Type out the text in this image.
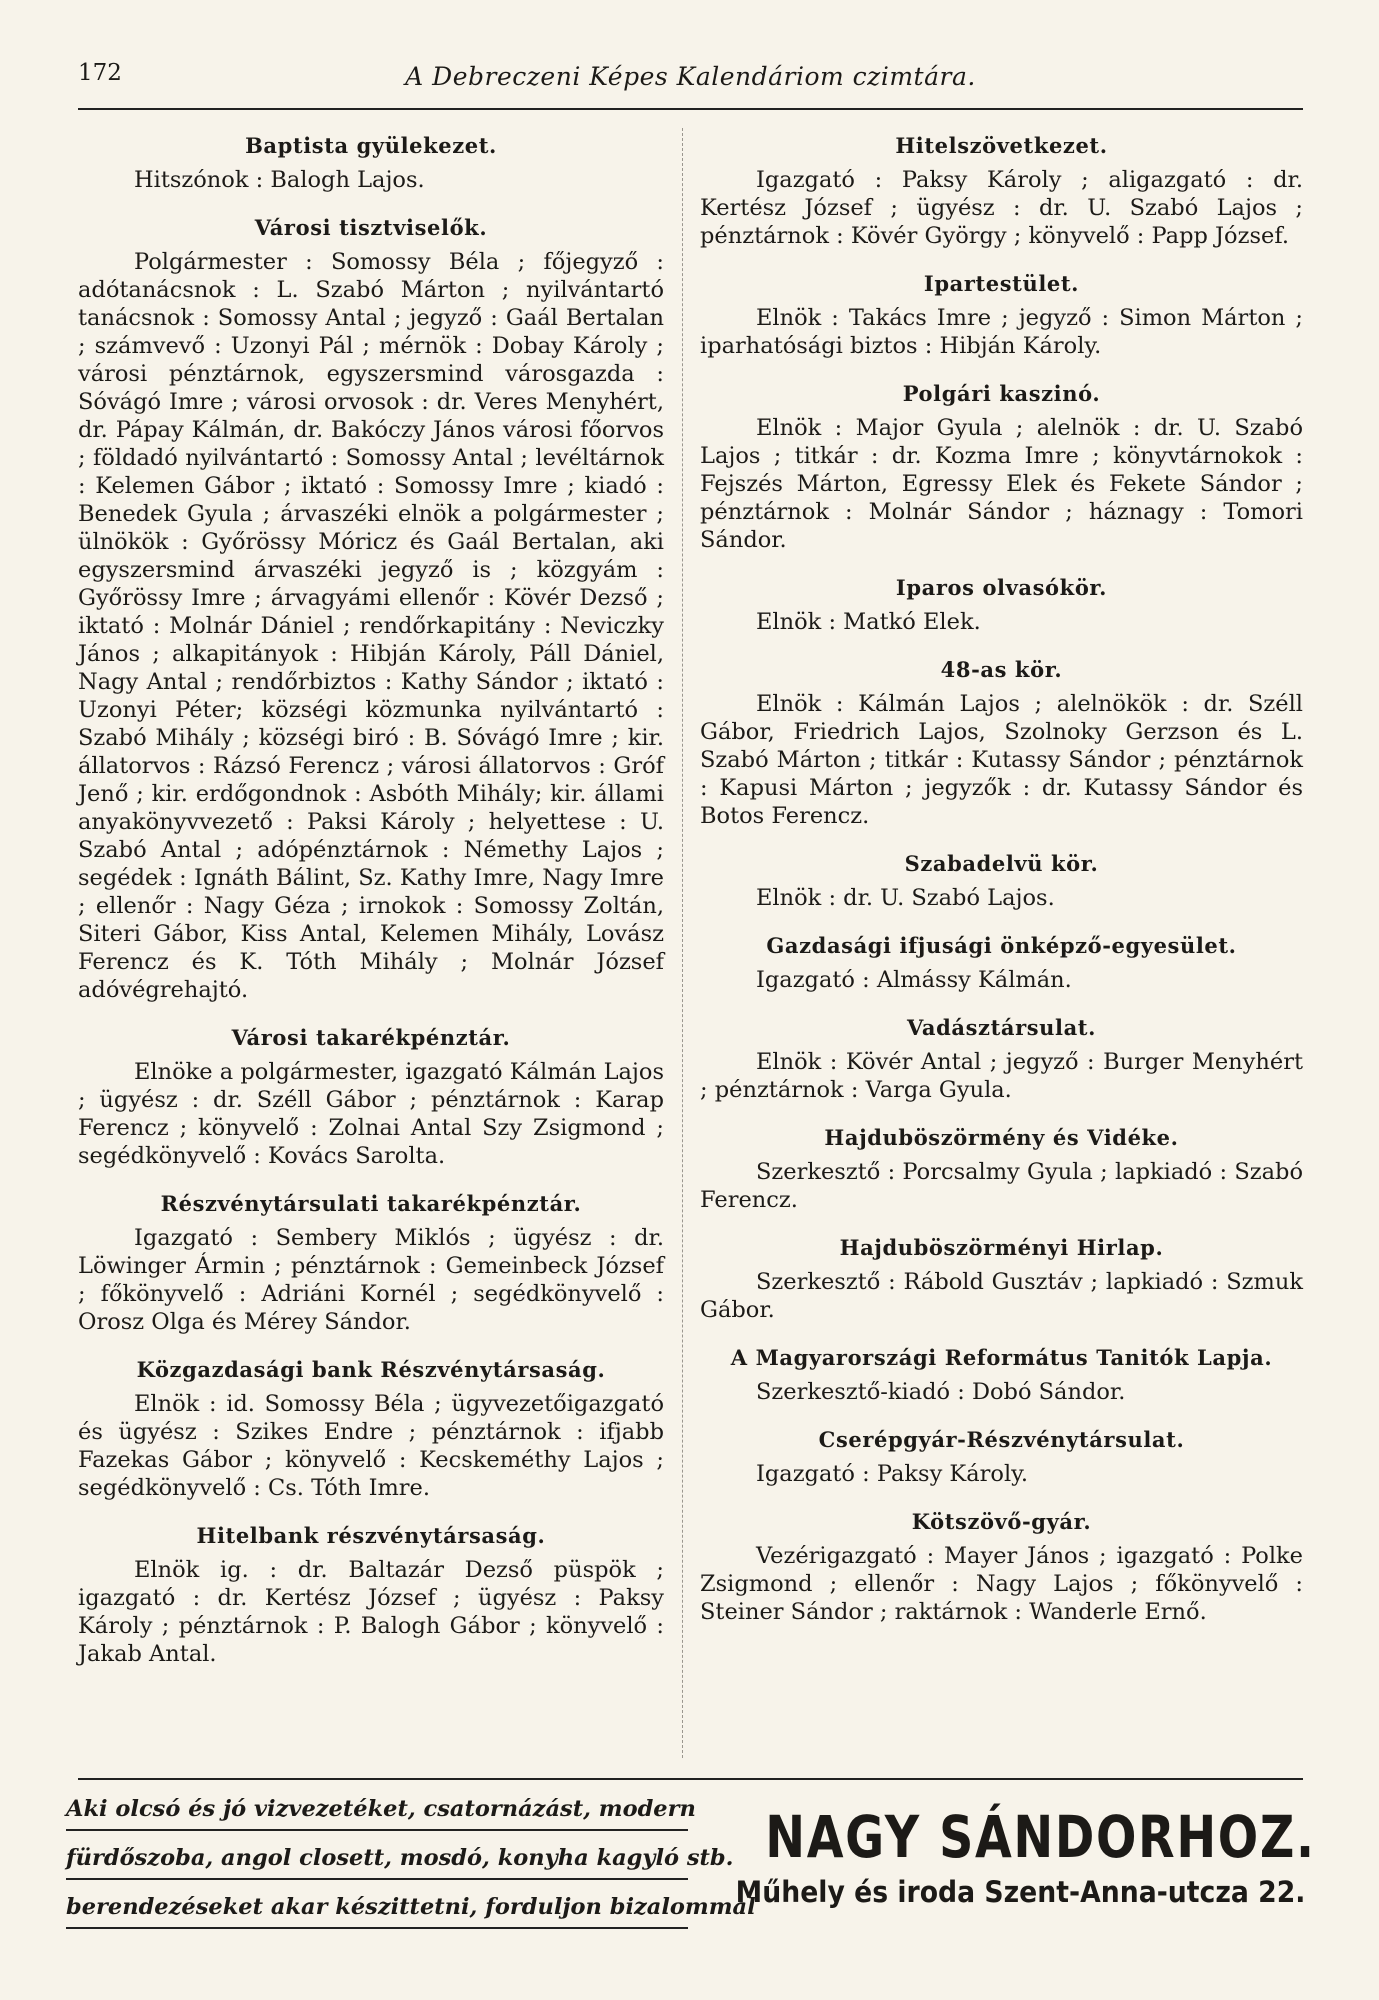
172	A Debreczeni Képes Kalendáriom czimtára.
Baptista gyülekezet.
Hitszónok : Balogh Lajos.
Városi tisztviselők.
Polgármester : Somossy Béla ; főjegyző : adótanácsnok : L. Szabó Márton ; nyilvántartó tanácsnok : Somossy Antal ; jegyző : Gaál Bertalan ; számvevő : Uzonyi Pál ; mérnök : Dobay Károly ; városi pénztárnok, egyszersmind városgazda : Sóvágó Imre ; városi orvosok : dr. Veres Menyhért, dr. Pápay Kálmán, dr. Bakóczy János városi főorvos ; földadó nyilvántartó : Somossy Antal ; levéltárnok : Kelemen Gábor ; iktató : Somossy Imre ; kiadó : Benedek Gyula ; árvaszéki elnök a polgármester ; ülnökök : Győrössy Móricz és Gaál Bertalan, aki egyszersmind árvaszéki jegyző is ; közgyám : Győrössy Imre ; árvagyámi ellenőr : Kövér Dezső ; iktató : Molnár Dániel ; rendőrkapitány : Neviczky János ; alkapitányok : Hibján Károly, Páll Dániel, Nagy Antal ; rendőrbiztos : Kathy Sándor ; iktató : Uzonyi Péter; községi közmunka nyilvántartó : Szabó Mihály ; községi biró : B. Sóvágó Imre ; kir. állatorvos : Rázsó Ferencz ; városi állatorvos : Gróf Jenő ; kir. erdőgondnok : Asbóth Mihály; kir. állami anyakönyvvezető : Paksi Károly ; helyettese : U. Szabó Antal ; adópénztárnok : Némethy Lajos ; segédek : Ignáth Bálint, Sz. Kathy Imre, Nagy Imre ; ellenőr : Nagy Géza ; irnokok : Somossy Zoltán, Siteri Gábor, Kiss Antal, Kelemen Mihály, Lovász Ferencz és K. Tóth Mihály ; Molnár József adóvégrehajtó.
Városi takarékpénztár.
Elnöke a polgármester, igazgató Kálmán Lajos ; ügyész : dr. Széll Gábor ; pénztárnok : Karap Ferencz ; könyvelő : Zolnai Antal Szy Zsigmond ; segédkönyvelő : Kovács Sarolta.
Részvénytársulati takarékpénztár.
Igazgató : Sembery Miklós ; ügyész : dr. Löwinger Ármin ; pénztárnok : Gemeinbeck József ; főkönyvelő : Adriáni Kornél ; segédkönyvelő : Orosz Olga és Mérey Sándor.
Közgazdasági bank Részvénytársaság.
Elnök : id. Somossy Béla ; ügyvezetőigazgató és ügyész : Szikes Endre ; pénztárnok : ifjabb Fazekas Gábor ; könyvelő : Kecskeméthy Lajos ; segédkönyvelő : Cs. Tóth Imre.
Hitelbank részvénytársaság.
Elnök ig. : dr. Baltazár Dezső püspök ; igazgató : dr. Kertész József ; ügyész : Paksy Károly ; pénztárnok : P. Balogh Gábor ; könyvelő : Jakab Antal.
Hitelszövetkezet.
Igazgató : Paksy Károly ; aligazgató : dr. Kertész József ; ügyész : dr. U. Szabó Lajos ; pénztárnok : Kövér György ; könyvelő : Papp József.
Ipartestület.
Elnök : Takács Imre ; jegyző : Simon Márton ; iparhatósági biztos : Hibján Károly.
Polgári kaszinó.
Elnök : Major Gyula ; alelnök : dr. U. Szabó Lajos ; titkár : dr. Kozma Imre ; könyvtárnokok : Fejszés Márton, Egressy Elek és Fekete Sándor ; pénztárnok : Molnár Sándor ; háznagy : Tomori Sándor.
Iparos olvasókör.
Elnök : Matkó Elek.
48-as kör.
Elnök : Kálmán Lajos ; alelnökök : dr. Széll Gábor, Friedrich Lajos, Szolnoky Gerzson és L. Szabó Márton ; titkár : Kutassy Sándor ; pénztárnok : Kapusi Márton ; jegyzők : dr. Kutassy Sándor és Botos Ferencz.
Szabadelvü kör.
Elnök : dr. U. Szabó Lajos.
Gazdasági ifjusági önképző-egyesület.
Igazgató : Almássy Kálmán.
Vadásztársulat.
Elnök : Kövér Antal ; jegyző : Burger Menyhért ; pénztárnok : Varga Gyula.
Hajduböszörmény és Vidéke.
Szerkesztő : Porcsalmy Gyula ; lapkiadó : Szabó Ferencz.
Hajduböszörményi Hirlap.
Szerkesztő : Rábold Gusztáv ; lapkiadó : Szmuk Gábor.
A Magyarországi Református Tanitók Lapja.
Szerkesztő-kiadó : Dobó Sándor.
Cserépgyár-Részvénytársulat.
Igazgató : Paksy Károly.
Kötszövő-gyár.
Vezérigazgató : Mayer János ; igazgató : Polke Zsigmond ; ellenőr : Nagy Lajos ; főkönyvelő : Steiner Sándor ; raktárnok : Wanderle Ernő.
Aki olcsó és jó vizvezetéket, csatornázást, modern
fürdőszoba, angol closett, mosdó, konyha kagyló stb.
berendezéseket akar készittetni, forduljon bizalommal
NAGY SÁNDORHOZ.
Műhely és iroda Szent-Anna-utcza 22.
